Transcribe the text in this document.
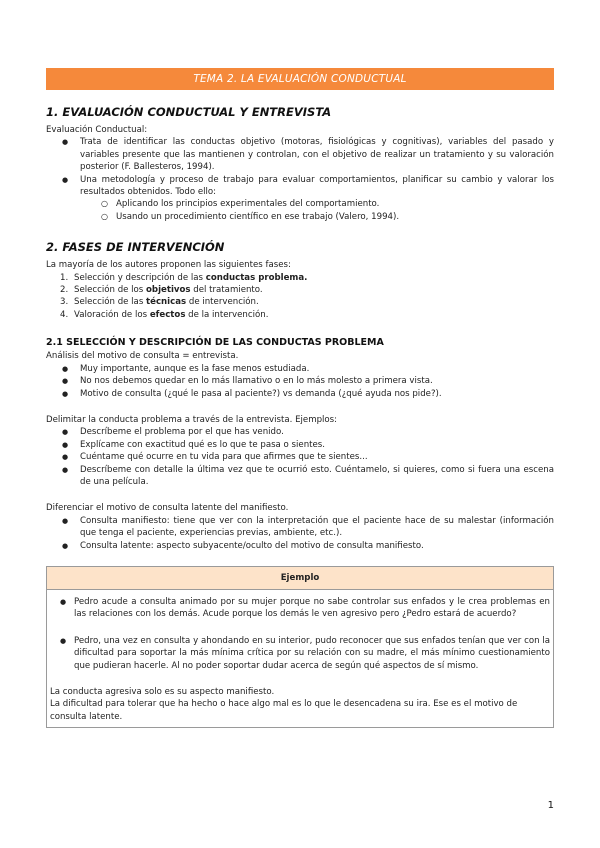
TEMA 2. LA EVALUACIÓN CONDUCTUAL
1. EVALUACIÓN CONDUCTUAL Y ENTREVISTA

Evaluación Conductual:

● Trata de identificar las conductas objetivo (motoras, fisiológicas y cognitivas), variables del pasado y variables presente que las mantienen y controlan, con el objetivo de realizar un tratamiento y su valoración posterior (F. Ballesteros, 1994).
● Una metodología y proceso de trabajo para evaluar comportamientos, planificar su cambio y valorar los resultados obtenidos. Todo ello:
○ Aplicando los principios experimentales del comportamiento.
○ Usando un procedimiento científico en ese trabajo (Valero, 1994).
2. FASES DE INTERVENCIÓN

La mayoría de los autores proponen las siguientes fases:

1. Selección y descripción de las conductas problema.
2. Selección de los objetivos del tratamiento.
3. Selección de las técnicas de intervención.
4. Valoración de los efectos de la intervención.
2.1 SELECCIÓN Y DESCRIPCIÓN DE LAS CONDUCTAS PROBLEMA

Análisis del motivo de consulta = entrevista.

● Muy importante, aunque es la fase menos estudiada.
● No nos debemos quedar en lo más llamativo o en lo más molesto a primera vista.
● Motivo de consulta (¿qué le pasa al paciente?) vs demanda (¿qué ayuda nos pide?).

Delimitar la conducta problema a través de la entrevista. Ejemplos:

● Descríbeme el problema por el que has venido.
● Explícame con exactitud qué es lo que te pasa o sientes.
● Cuéntame qué ocurre en tu vida para que afirmes que te sientes...
● Descríbeme con detalle la última vez que te ocurrió esto. Cuéntamelo, si quieres, como si fuera una escena de una película.

Diferenciar el motivo de consulta latente del manifiesto.

● Consulta manifiesto: tiene que ver con la interpretación que el paciente hace de su malestar (información que tenga el paciente, experiencias previas, ambiente, etc.).
● Consulta latente: aspecto subyacente/oculto del motivo de consulta manifiesto.
Ejemplo
● Pedro acude a consulta animado por su mujer porque no sabe controlar sus enfados y le crea problemas en las relaciones con los demás. Acude porque los demás le ven agresivo pero ¿Pedro estará de acuerdo?
● Pedro, una vez en consulta y ahondando en su interior, pudo reconocer que sus enfados tenían que ver con la dificultad para soportar la más mínima crítica por su relación con su madre, el más mínimo cuestionamiento que pudieran hacerle. Al no poder soportar dudar acerca de según qué aspectos de sí mismo.

La conducta agresiva solo es su aspecto manifiesto.

La dificultad para tolerar que ha hecho o hace algo mal es lo que le desencadena su ira. Ese es el motivo de consulta latente.

1
